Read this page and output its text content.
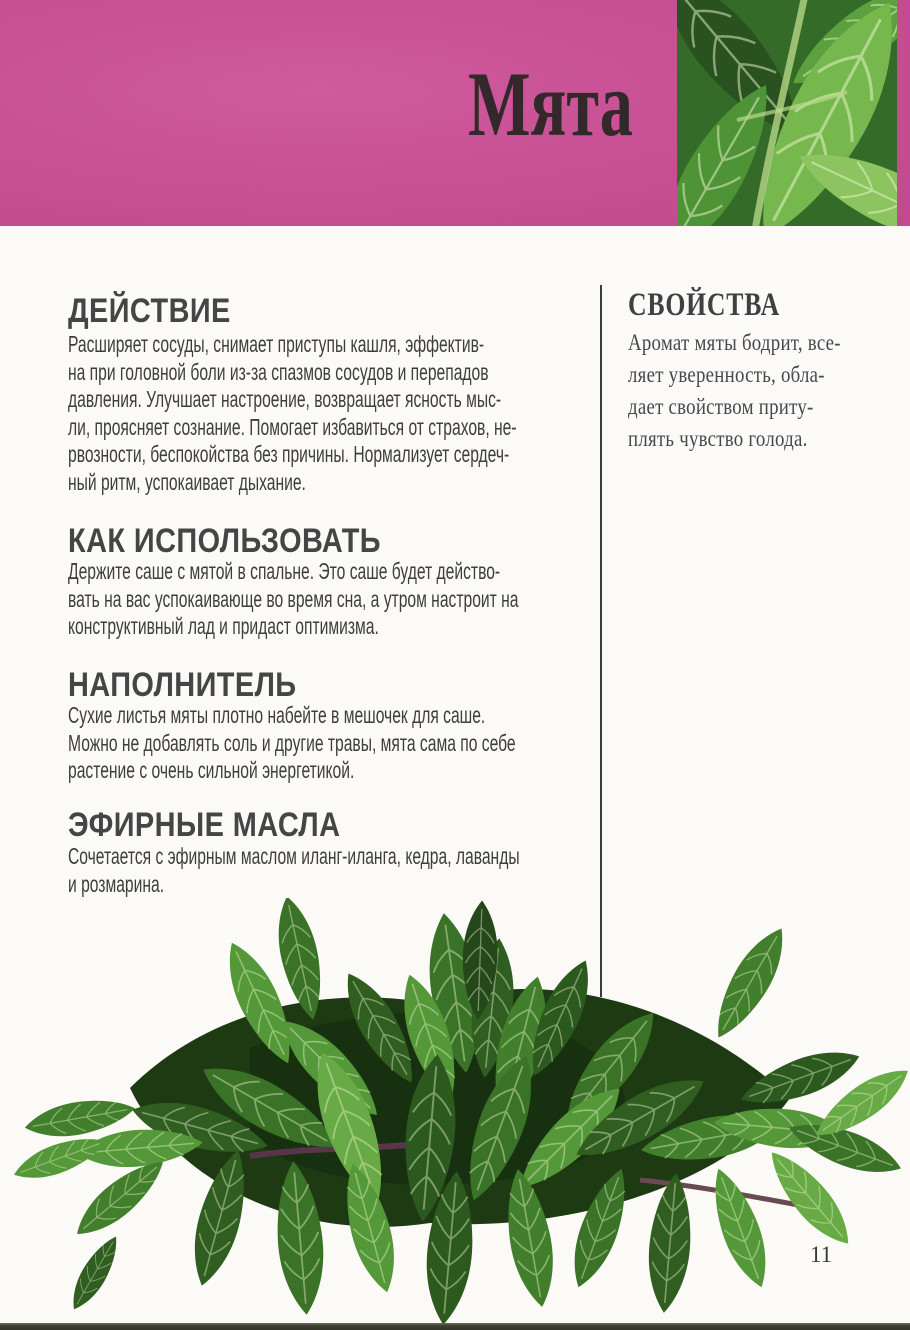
Мята
ДЕЙСТВИЕ
Расширяет сосуды, снимает приступы кашля, эффектив-
на при головной боли из-за спазмов сосудов и перепадов
давления. Улучшает настроение, возвращает ясность мыс-
ли, проясняет сознание. Помогает избавиться от страхов, не-
рвозности, беспокойства без причины. Нормализует сердеч-
ный ритм, успокаивает дыхание.
КАК ИСПОЛЬЗОВАТЬ
Держите саше с мятой в спальне. Это саше будет действо-
вать на вас успокаивающе во время сна, а утром настроит на
конструктивный лад и придаст оптимизма.
НАПОЛНИТЕЛЬ
Сухие листья мяты плотно набейте в мешочек для саше.
Можно не добавлять соль и другие травы, мята сама по себе
растение с очень сильной энергетикой.
ЭФИРНЫЕ МАСЛА
Сочетается с эфирным маслом иланг-иланга, кедра, лаванды
и розмарина.
СВОЙСТВА
Аромат мяты бодрит, все-
ляет уверенность, обла-
дает свойством приту-
плять чувство голода.
11
